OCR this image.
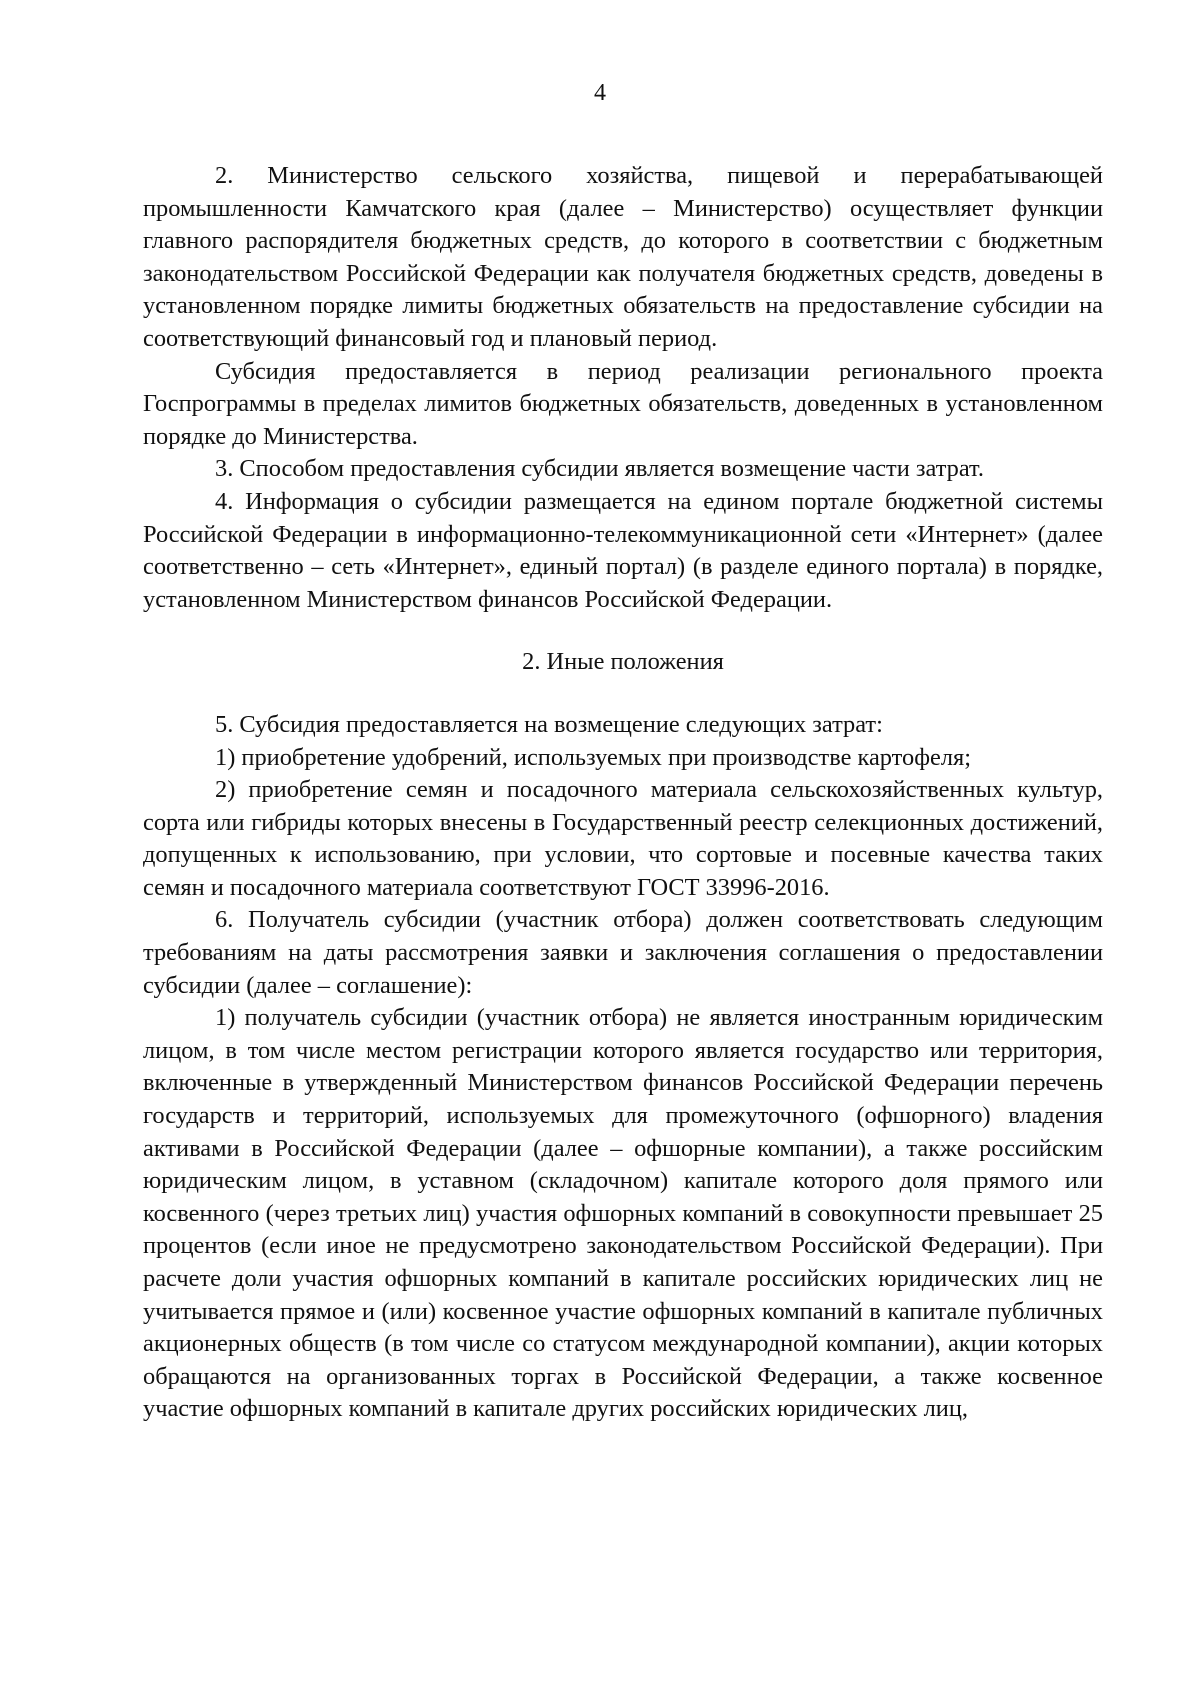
4

2. Министерство сельского хозяйства, пищевой и перерабатывающей промышленности Камчатского края (далее – Министерство) осуществляет функции главного распорядителя бюджетных средств, до которого в соответствии с бюджетным законодательством Российской Федерации как получателя бюджетных средств, доведены в установленном порядке лимиты бюджетных обязательств на предоставление субсидии на соответствующий финансовый год и плановый период.

Субсидия предоставляется в период реализации регионального проекта Госпрограммы в пределах лимитов бюджетных обязательств, доведенных в установленном порядке до Министерства.

3. Способом предоставления субсидии является возмещение части затрат.

4. Информация о субсидии размещается на едином портале бюджетной системы Российской Федерации в информационно-телекоммуникационной сети «Интернет» (далее соответственно – сеть «Интернет», единый портал) (в разделе единого портала) в порядке, установленном Министерством финансов Российской Федерации.

2. Иные положения

5. Субсидия предоставляется на возмещение следующих затрат:

1) приобретение удобрений, используемых при производстве картофеля;

2) приобретение семян и посадочного материала сельскохозяйственных культур, сорта или гибриды которых внесены в Государственный реестр селекционных достижений, допущенных к использованию, при условии, что сортовые и посевные качества таких семян и посадочного материала соответствуют ГОСТ 33996-2016.

6. Получатель субсидии (участник отбора) должен соответствовать следующим требованиям на даты рассмотрения заявки и заключения соглашения о предоставлении субсидии (далее – соглашение):

1) получатель субсидии (участник отбора) не является иностранным юридическим лицом, в том числе местом регистрации которого является государство или территория, включенные в утвержденный Министерством финансов Российской Федерации перечень государств и территорий, используемых для промежуточного (офшорного) владения активами в Российской Федерации (далее – офшорные компании), а также российским юридическим лицом, в уставном (складочном) капитале которого доля прямого или косвенного (через третьих лиц) участия офшорных компаний в совокупности превышает 25 процентов (если иное не предусмотрено законодательством Российской Федерации). При расчете доли участия офшорных компаний в капитале российских юридических лиц не учитывается прямое и (или) косвенное участие офшорных компаний в капитале публичных акционерных обществ (в том числе со статусом международной компании), акции которых обращаются на организованных торгах в Российской Федерации, а также косвенное участие офшорных компаний в капитале других российских юридических лиц,
